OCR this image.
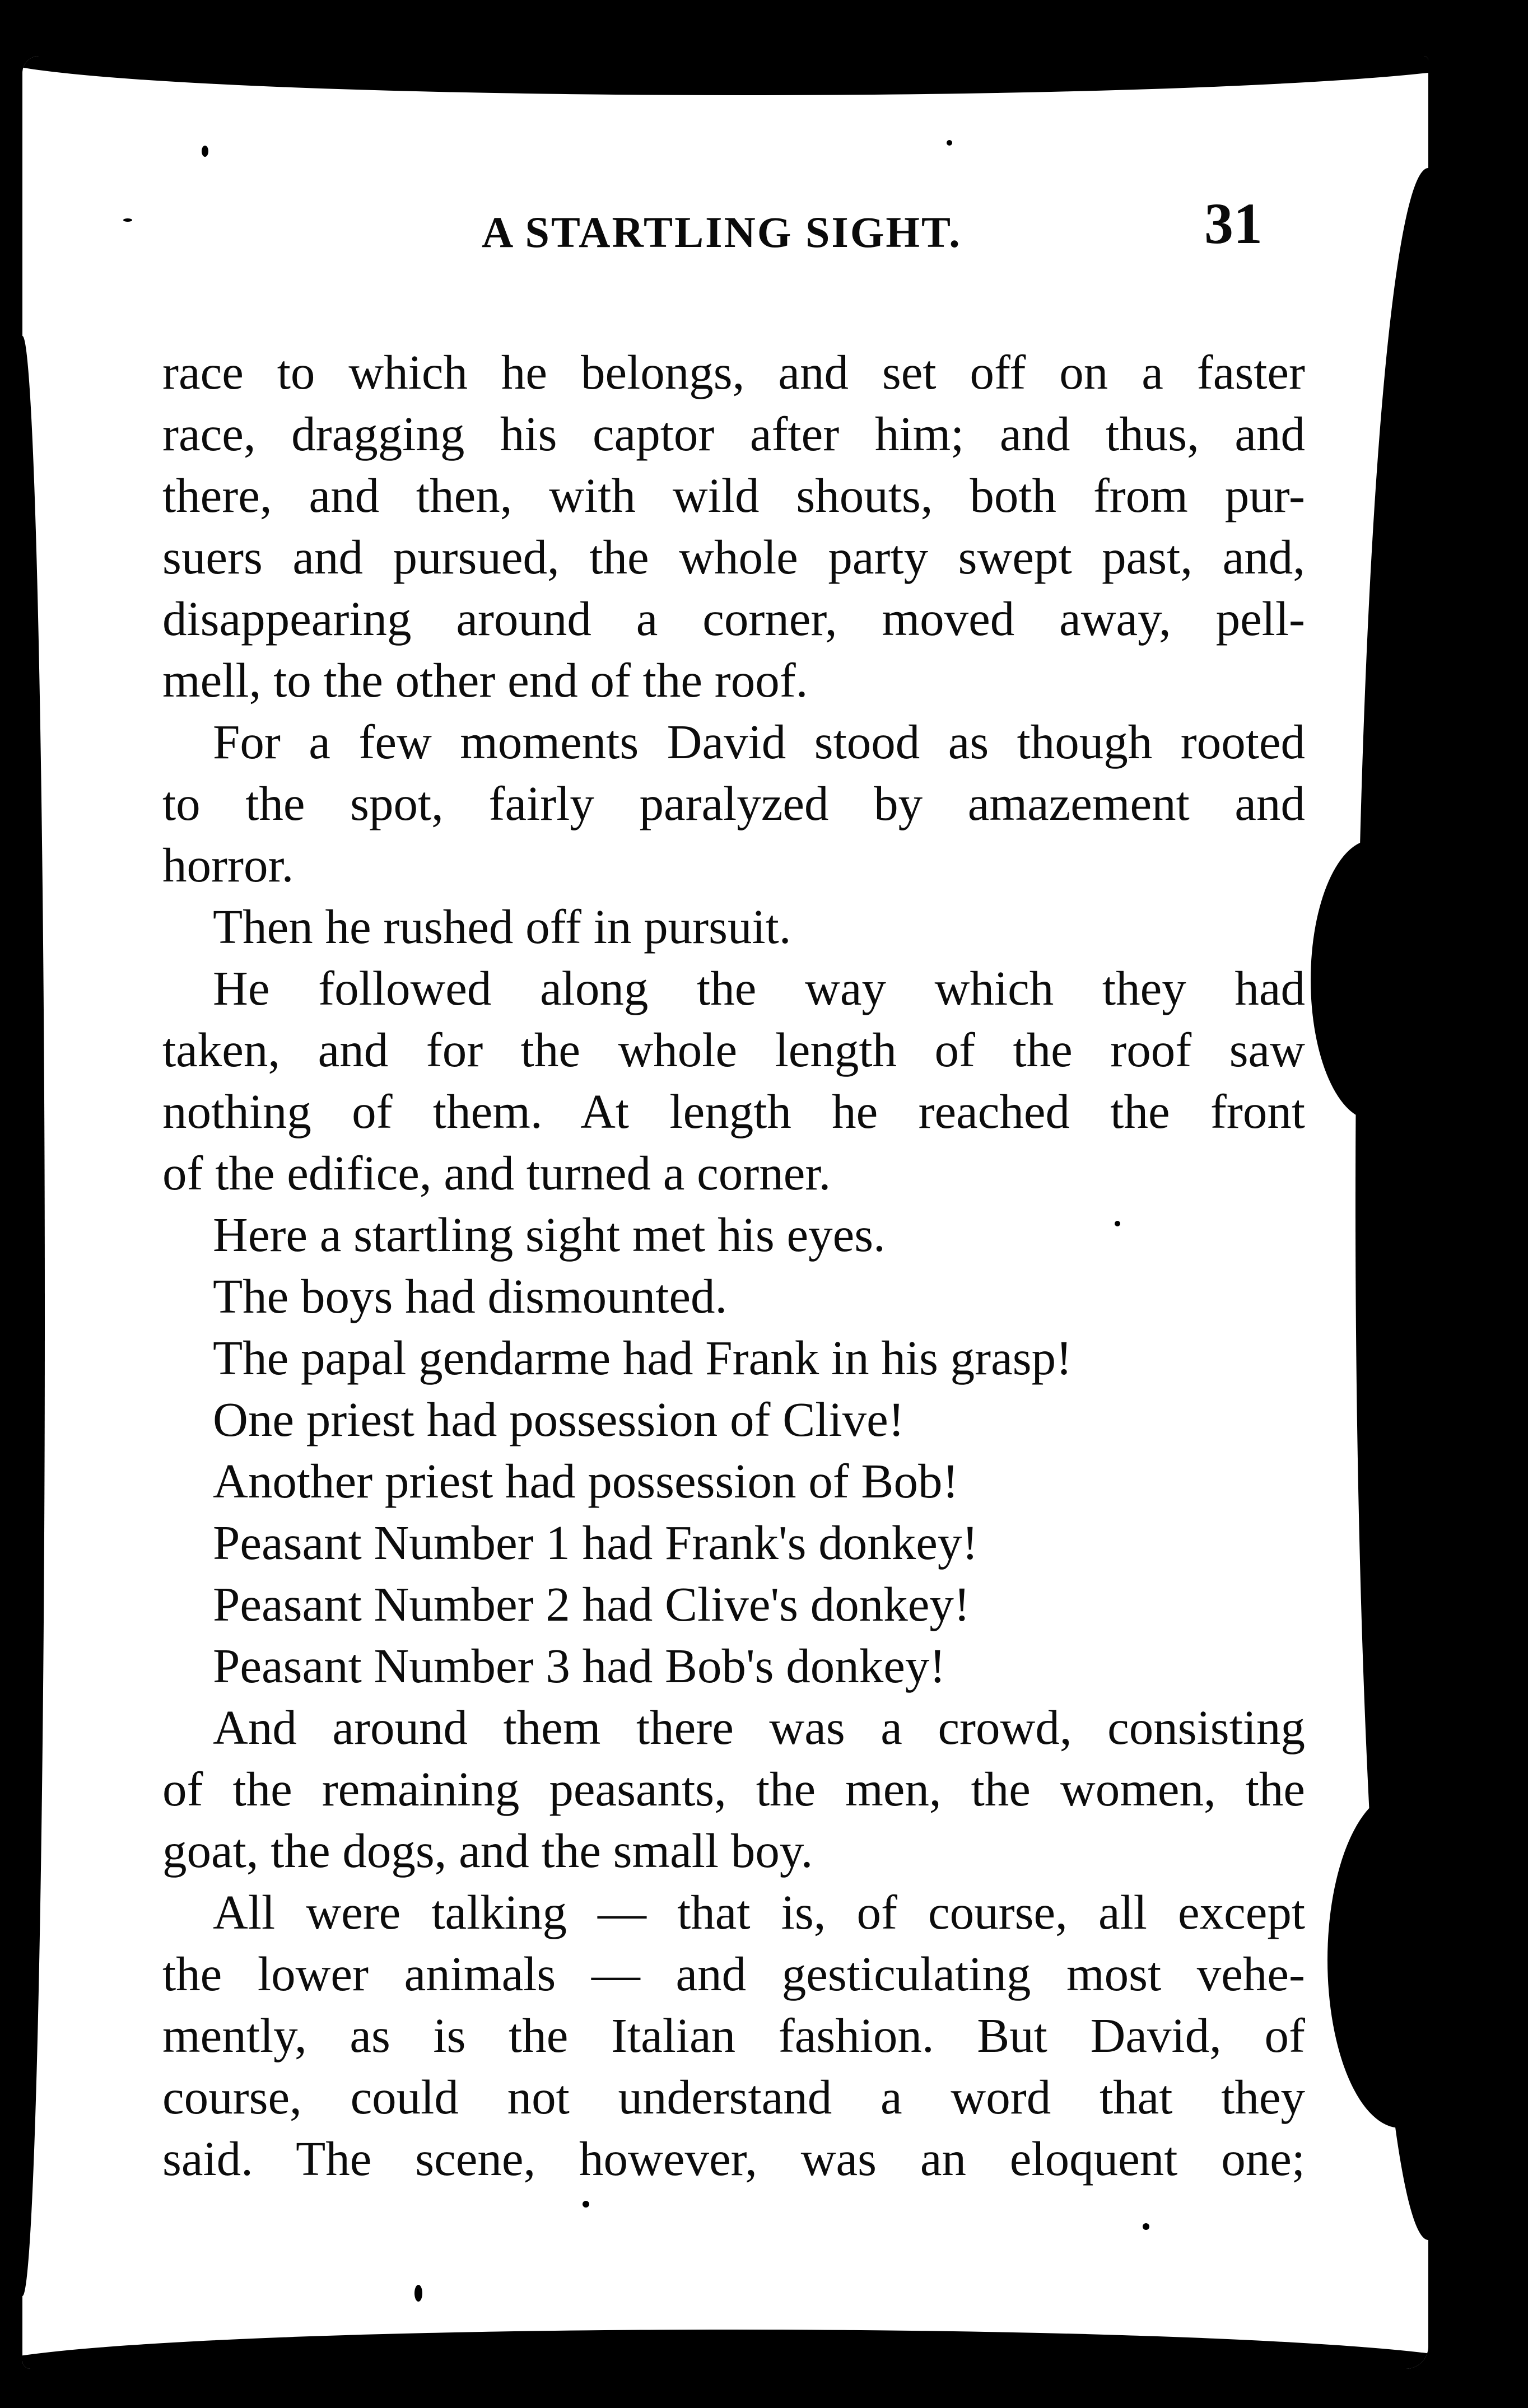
A STARTLING SIGHT.	31
race to which he belongs, and set off on a faster
race, dragging his captor after him; and thus, and
there, and then, with wild shouts, both from pur-
suers and pursued, the whole party swept past, and,
disappearing around a corner, moved away, pell-
mell, to the other end of the roof.
For a few moments David stood as though rooted
to the spot, fairly paralyzed by amazement and
horror.
Then he rushed off in pursuit.
He followed along the way which they had
taken, and for the whole length of the roof saw
nothing of them. At length he reached the front
of the edifice, and turned a corner.
Here a startling sight met his eyes.
The boys had dismounted.
The papal gendarme had Frank in his grasp!
One priest had possession of Clive!
Another priest had possession of Bob!
Peasant Number 1 had Frank's donkey!
Peasant Number 2 had Clive's donkey!
Peasant Number 3 had Bob's donkey!
And around them there was a crowd, consisting
of the remaining peasants, the men, the women, the
goat, the dogs, and the small boy.
All were talking — that is, of course, all except
the lower animals — and gesticulating most vehe-
mently, as is the Italian fashion. But David, of
course, could not understand a word that they
said. The scene, however, was an eloquent one;
